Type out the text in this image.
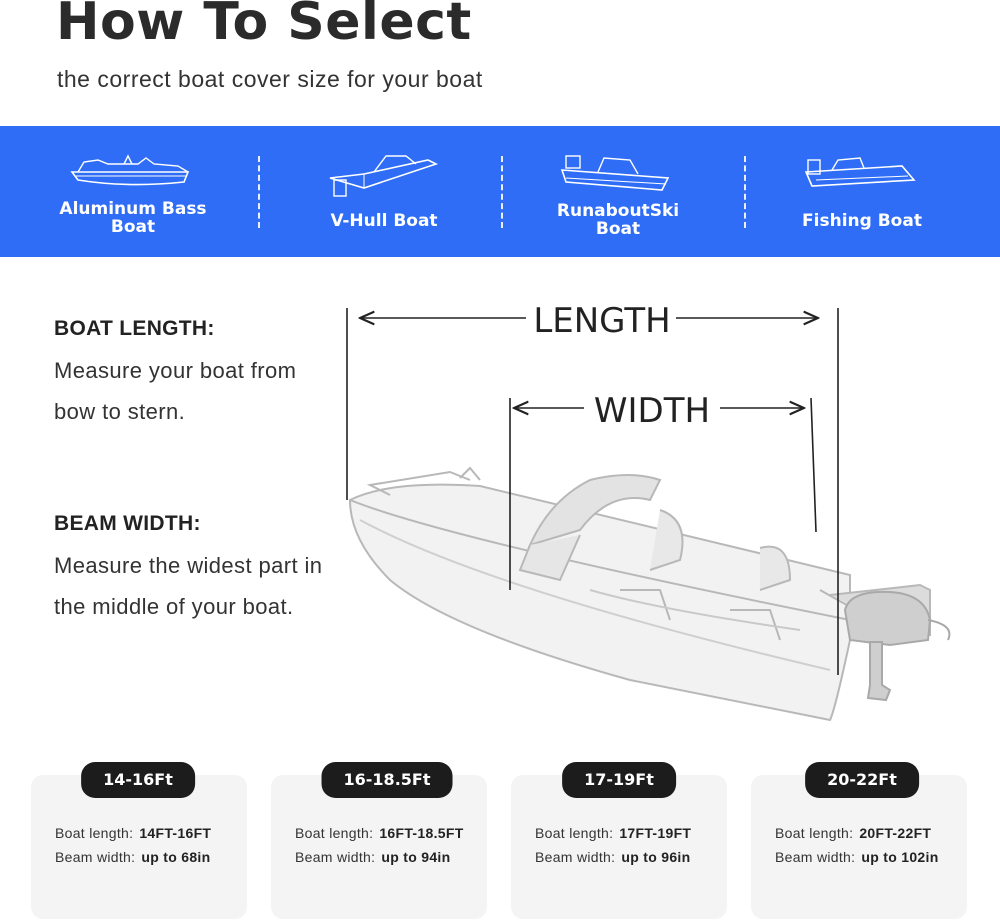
How To Select
the correct boat cover size for your boat
Aluminum Bass
Boat	V-Hull Boat	RunaboutSki
Boat	Fishing Boat
BOAT LENGTH:
Measure your boat from bow to stern.
BEAM WIDTH:
Measure the widest part in the middle of your boat.
LENGTH
WIDTH
14-16Ft	16-18.5Ft	17-19Ft	20-22Ft
Boat length: 14FT-16FT
Beam width: up to 68in
Boat length: 16FT-18.5FT
Beam width: up to 94in
Boat length: 17FT-19FT
Beam width: up to 96in
Boat length: 20FT-22FT
Beam width: up to 102in
